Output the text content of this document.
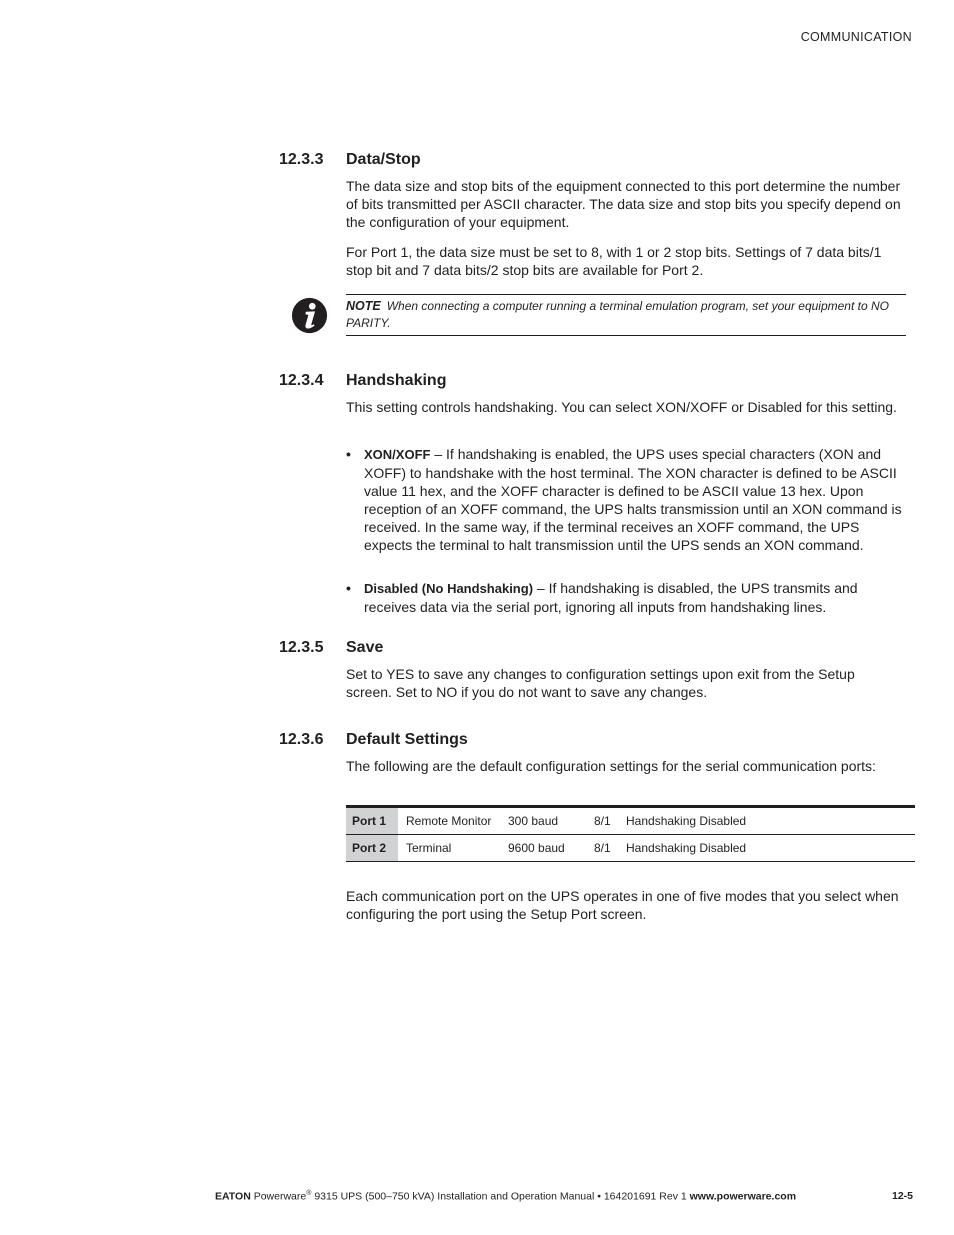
COMMUNICATION
12.3.3 Data/Stop

The data size and stop bits of the equipment connected to this port determine the number of bits transmitted per ASCII character. The data size and stop bits you specify depend on the configuration of your equipment.

For Port 1, the data size must be set to 8, with 1 or 2 stop bits. Settings of 7 data bits/1 stop bit and 7 data bits/2 stop bits are available for Port 2.

NOTE When connecting a computer running a terminal emulation program, set your equipment to NO PARITY.

12.3.4 Handshaking

This setting controls handshaking. You can select XON/XOFF or Disabled for this setting.

• XON/XOFF – If handshaking is enabled, the UPS uses special characters (XON and XOFF) to handshake with the host terminal. The XON character is defined to be ASCII value 11 hex, and the XOFF character is defined to be ASCII value 13 hex. Upon reception of an XOFF command, the UPS halts transmission until an XON command is received. In the same way, if the terminal receives an XOFF command, the UPS expects the terminal to halt transmission until the UPS sends an XON command.
• Disabled (No Handshaking) – If handshaking is disabled, the UPS transmits and receives data via the serial port, ignoring all inputs from handshaking lines.
12.3.5 Save

Set to YES to save any changes to configuration settings upon exit from the Setup screen. Set to NO if you do not want to save any changes.

12.3.6 Default Settings

The following are the default configuration settings for the serial communication ports:

Port 1	Remote Monitor	300 baud	8/1	Handshaking Disabled
Port 2	Terminal	9600 baud	8/1	Handshaking Disabled

Each communication port on the UPS operates in one of five modes that you select when configuring the port using the Setup Port screen.

EATON Powerware® 9315 UPS (500–750 kVA) Installation and Operation Manual • 164201691 Rev 1 www.powerware.com	12-5
